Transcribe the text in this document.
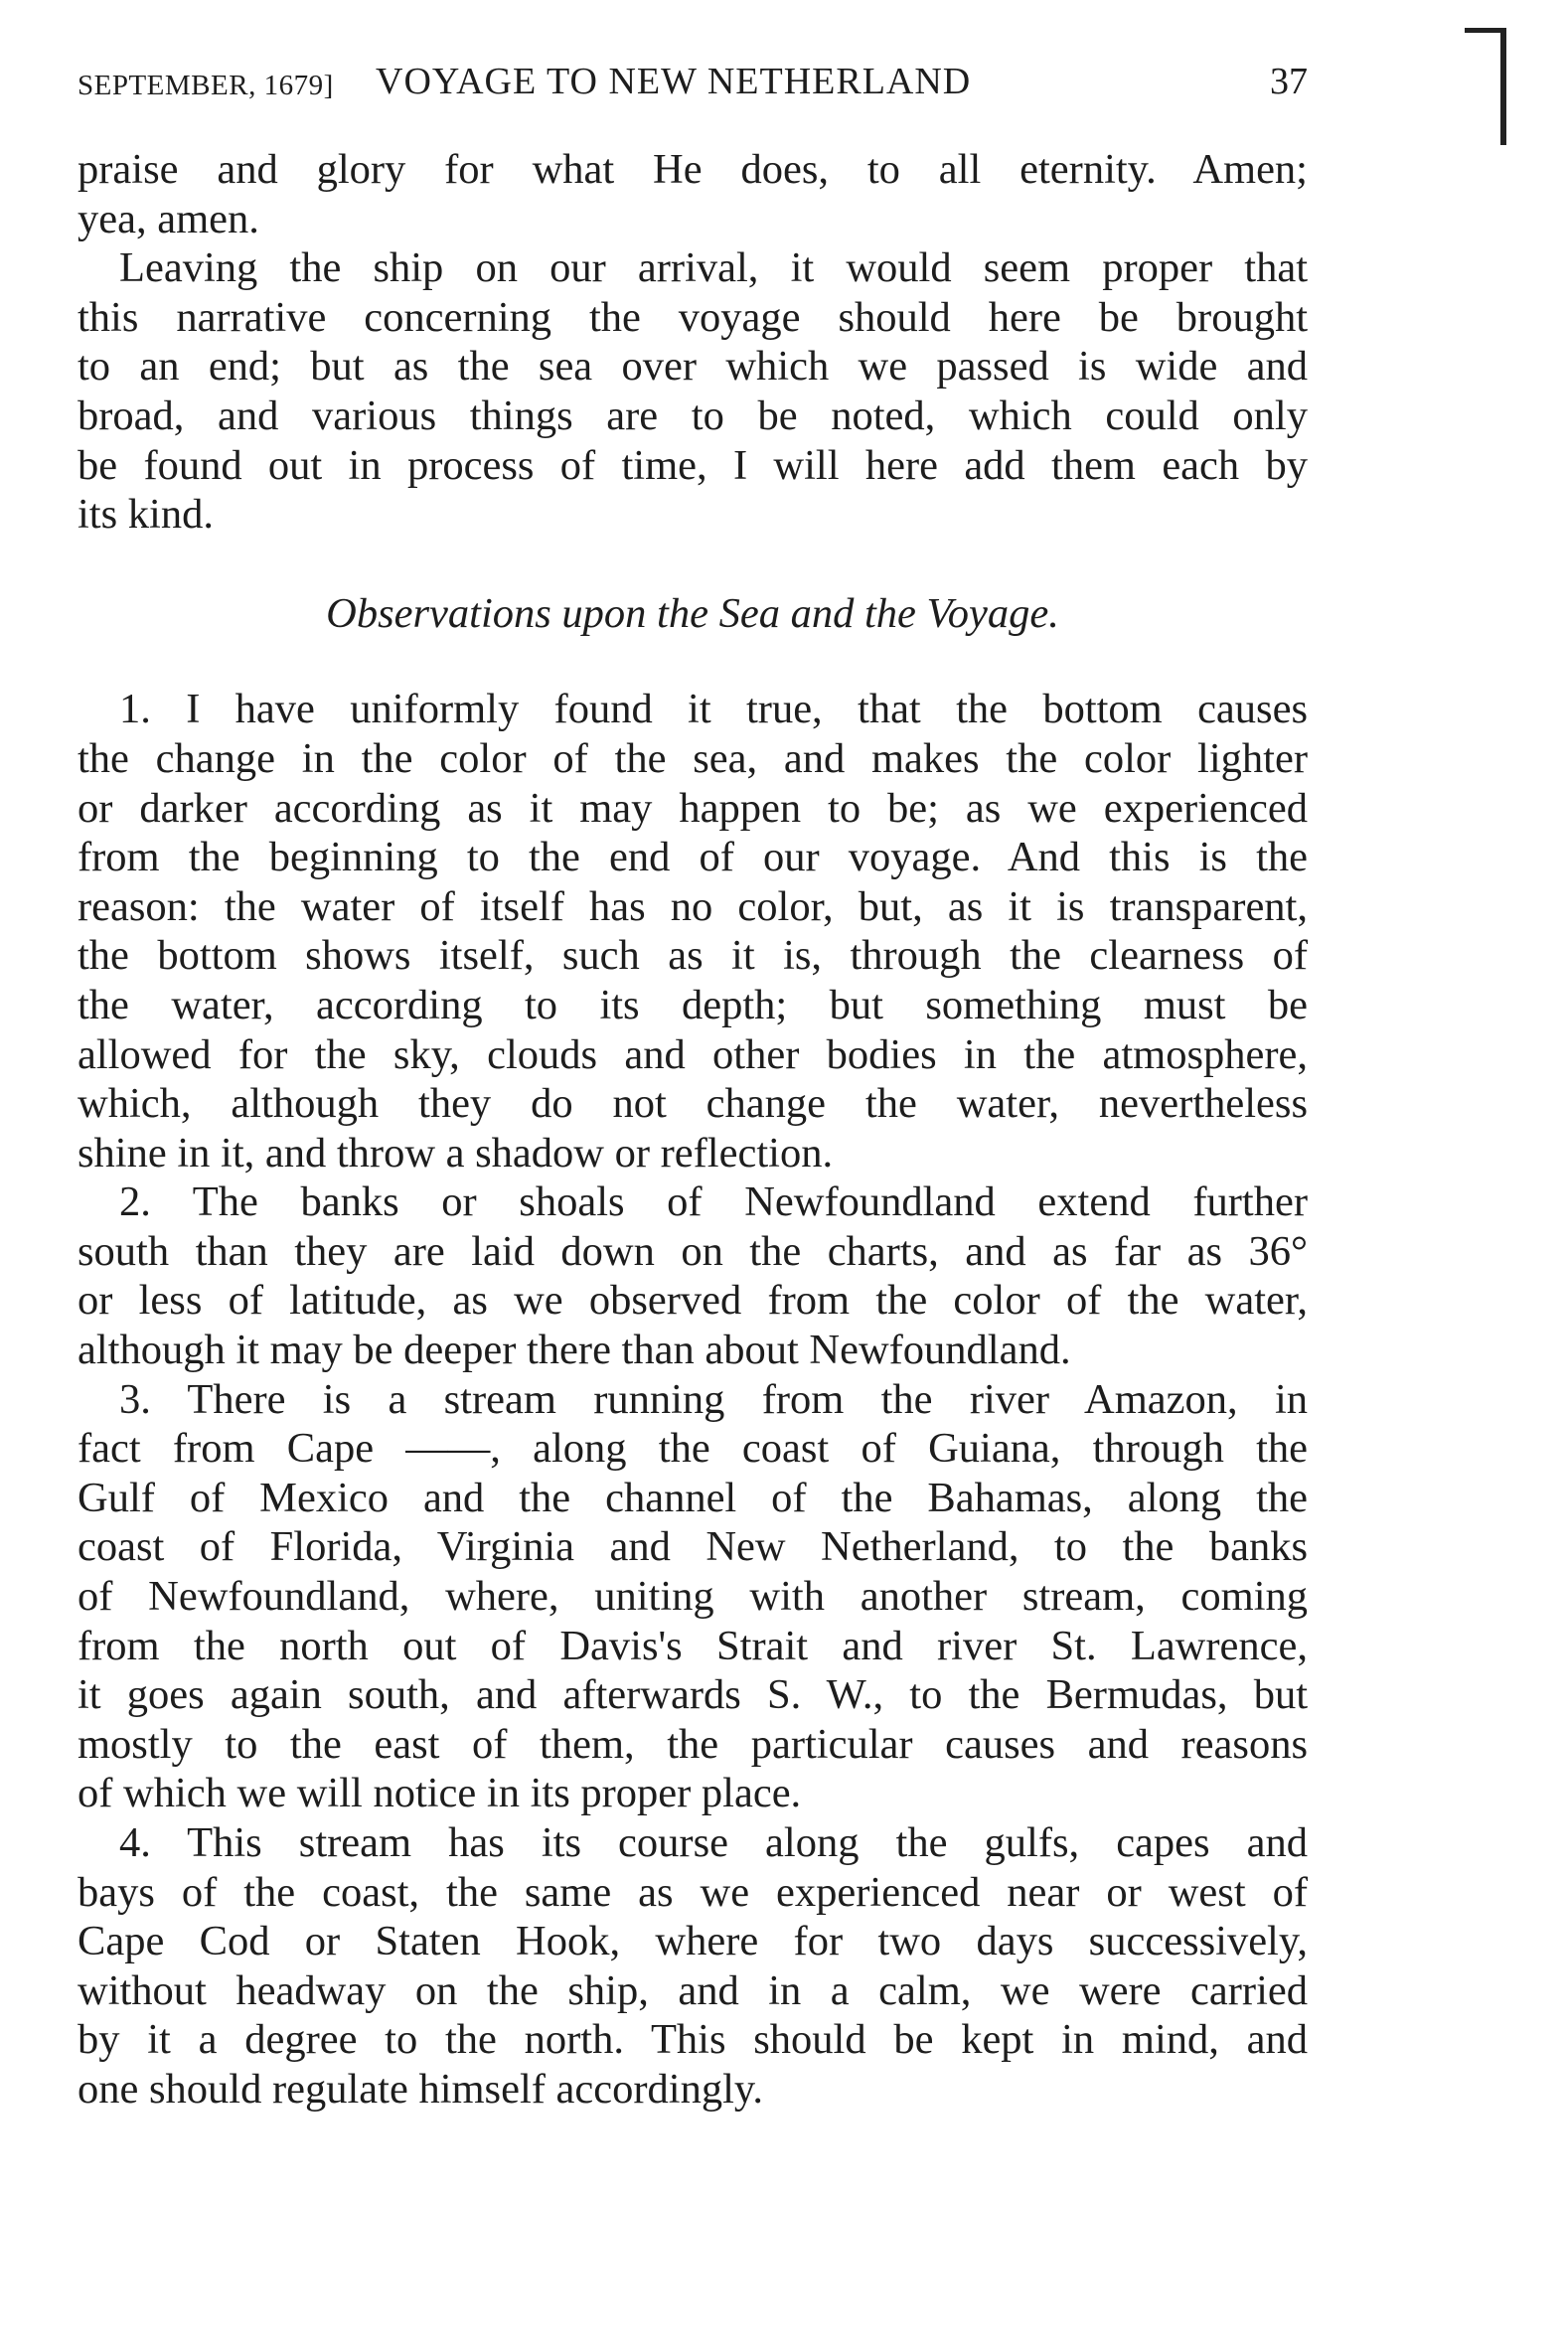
SEPTEMBER, 1679] VOYAGE TO NEW NETHERLAND	37
praise and glory for what He does, to all eternity. Amen;
yea, amen.
Leaving the ship on our arrival, it would seem proper that
this narrative concerning the voyage should here be brought
to an end; but as the sea over which we passed is wide and
broad, and various things are to be noted, which could only
be found out in process of time, I will here add them each by
its kind.
Observations upon the Sea and the Voyage.
1. I have uniformly found it true, that the bottom causes
the change in the color of the sea, and makes the color lighter
or darker according as it may happen to be; as we experienced
from the beginning to the end of our voyage. And this is the
reason: the water of itself has no color, but, as it is transparent,
the bottom shows itself, such as it is, through the clearness of
the water, according to its depth; but something must be
allowed for the sky, clouds and other bodies in the atmosphere,
which, although they do not change the water, nevertheless
shine in it, and throw a shadow or reflection.
2. The banks or shoals of Newfoundland extend further
south than they are laid down on the charts, and as far as 36°
or less of latitude, as we observed from the color of the water,
although it may be deeper there than about Newfoundland.
3. There is a stream running from the river Amazon, in
fact from Cape ——, along the coast of Guiana, through the
Gulf of Mexico and the channel of the Bahamas, along the
coast of Florida, Virginia and New Netherland, to the banks
of Newfoundland, where, uniting with another stream, coming
from the north out of Davis's Strait and river St. Lawrence,
it goes again south, and afterwards S. W., to the Bermudas, but
mostly to the east of them, the particular causes and reasons
of which we will notice in its proper place.
4. This stream has its course along the gulfs, capes and
bays of the coast, the same as we experienced near or west of
Cape Cod or Staten Hook, where for two days successively,
without headway on the ship, and in a calm, we were carried
by it a degree to the north. This should be kept in mind, and
one should regulate himself accordingly.
